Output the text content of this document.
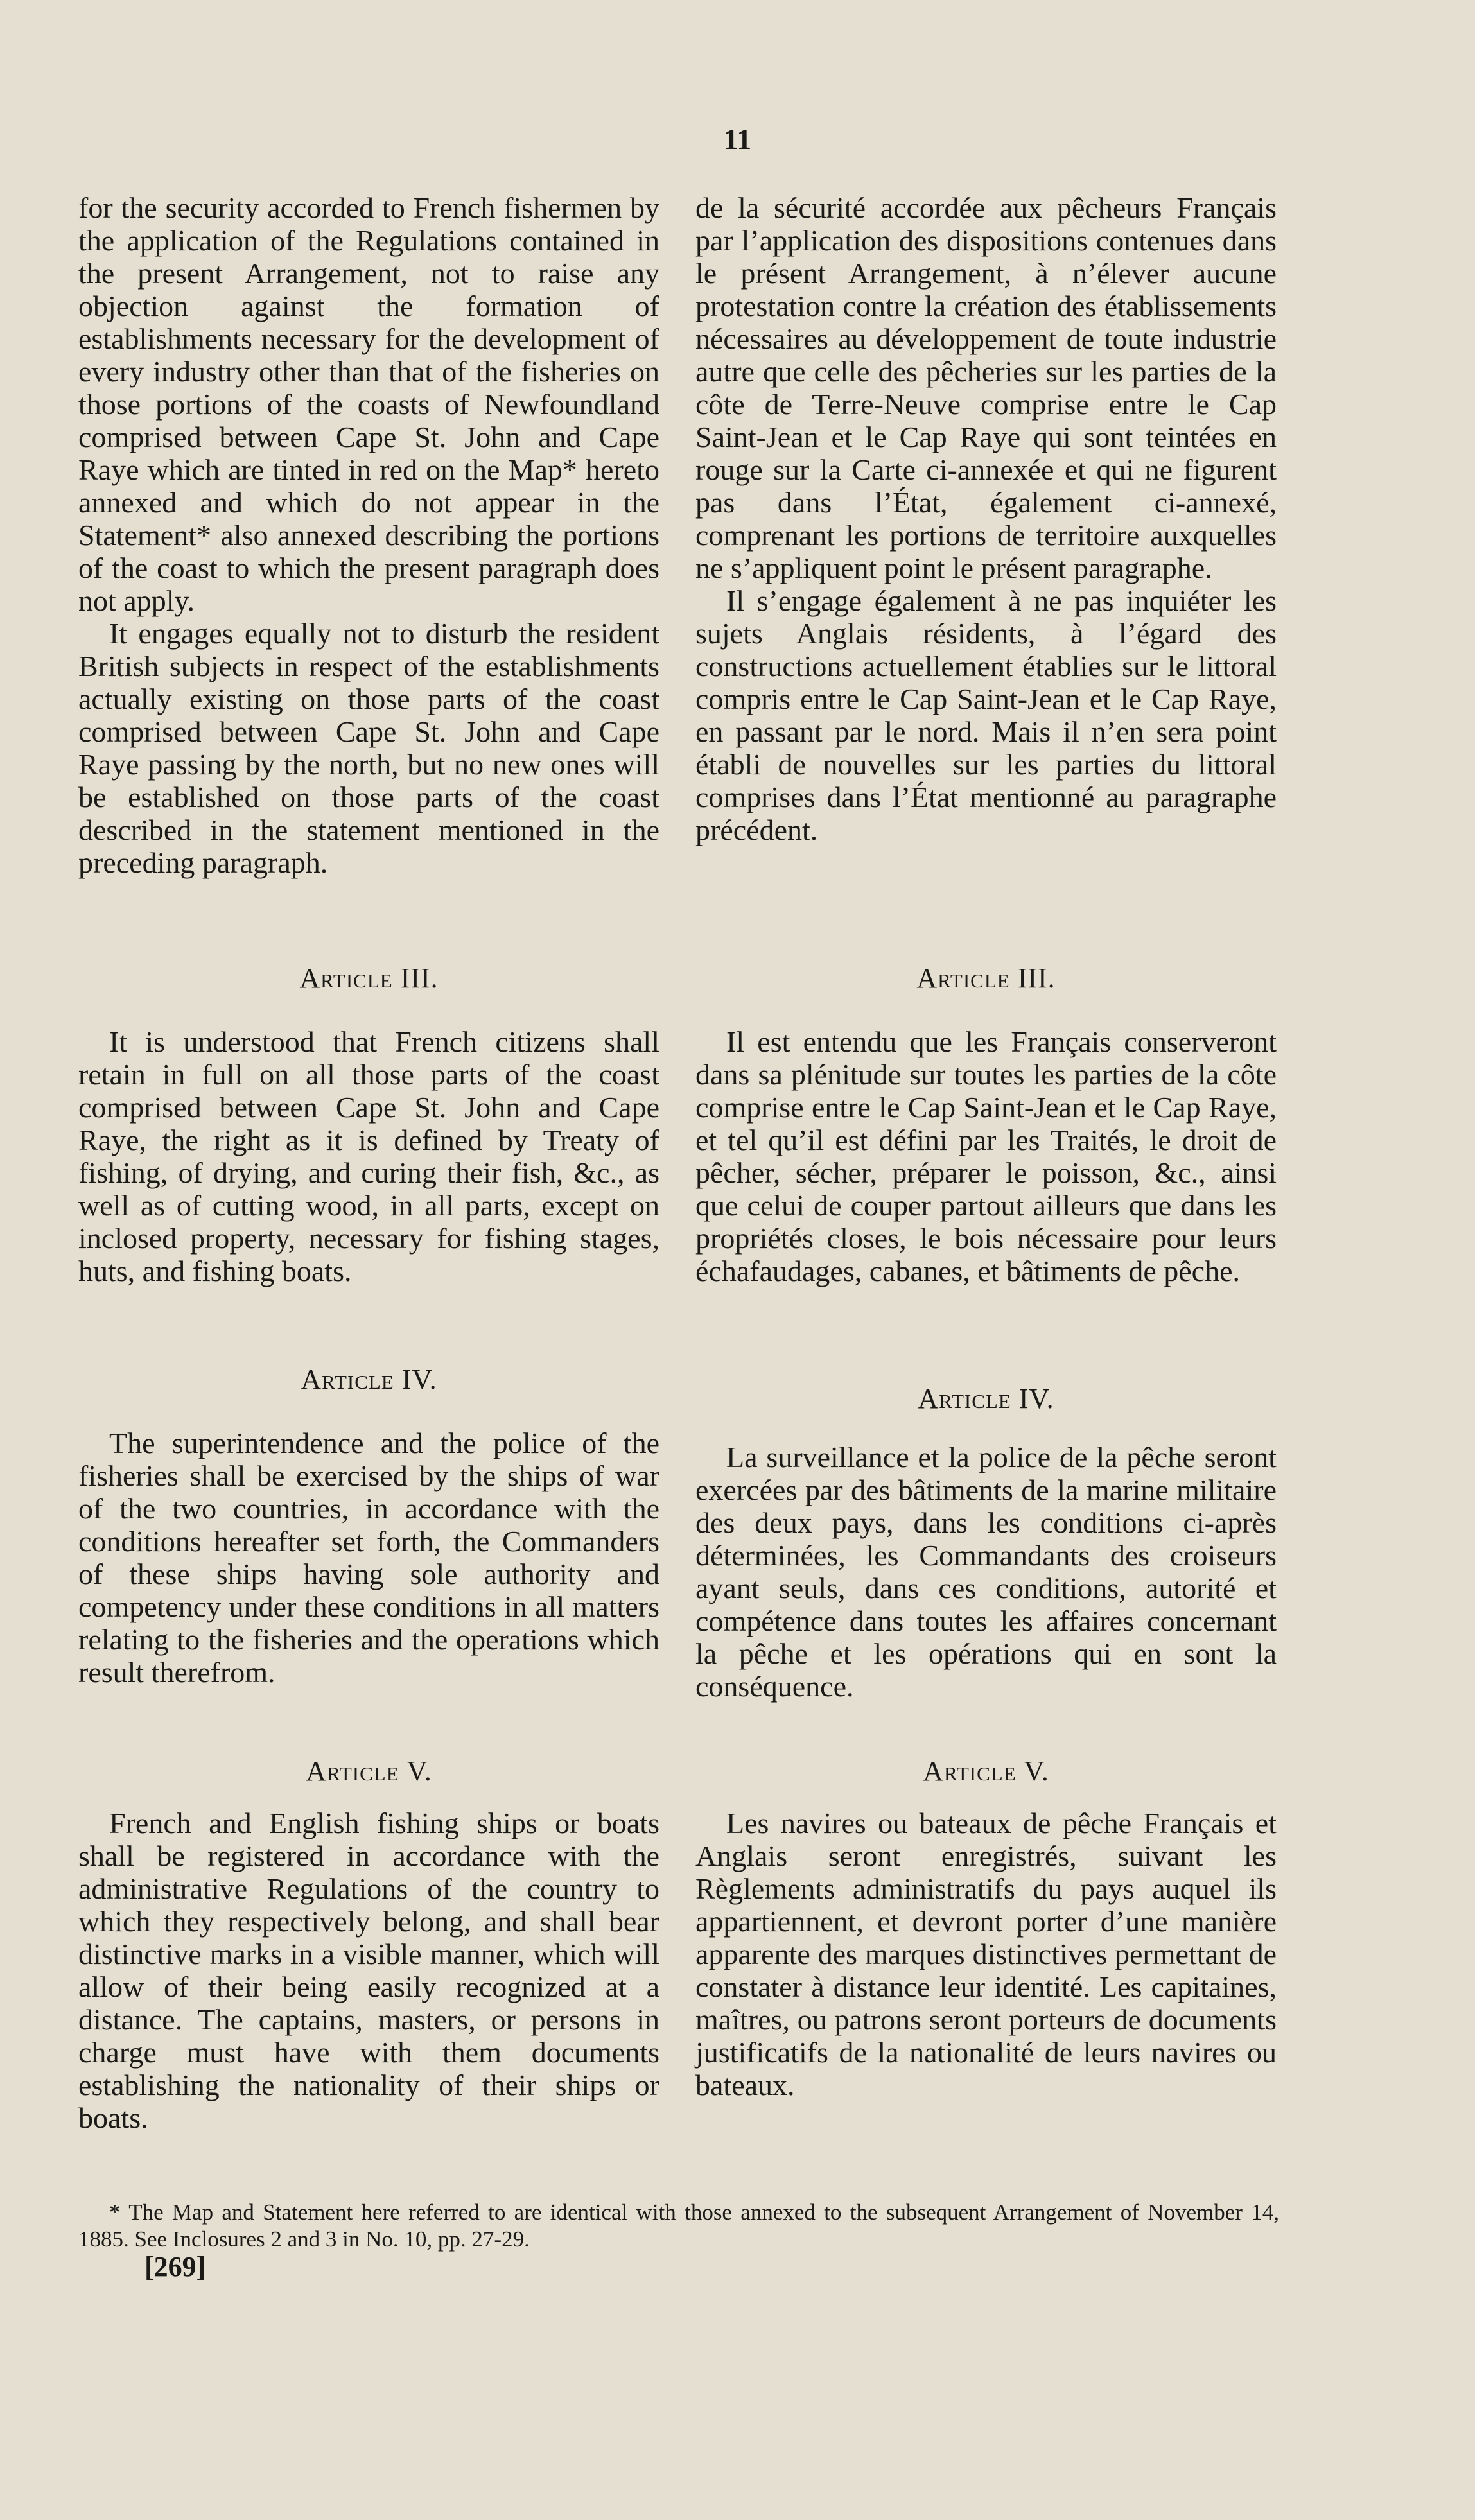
11

for the security accorded to French fishermen by the application of the Regulations contained in the present Arrangement, not to raise any objection against the formation of establishments necessary for the development of every industry other than that of the fisheries on those portions of the coasts of Newfoundland comprised between Cape St. John and Cape Raye which are tinted in red on the Map* hereto annexed and which do not appear in the Statement* also annexed describing the portions of the coast to which the present paragraph does not apply.

It engages equally not to disturb the resident British subjects in respect of the establishments actually existing on those parts of the coast comprised between Cape St. John and Cape Raye passing by the north, but no new ones will be established on those parts of the coast described in the statement mentioned in the preceding paragraph.

Article III.

It is understood that French citizens shall retain in full on all those parts of the coast comprised between Cape St. John and Cape Raye, the right as it is defined by Treaty of fishing, of drying, and curing their fish, &c., as well as of cutting wood, in all parts, except on inclosed property, necessary for fishing stages, huts, and fishing boats.

Article IV.

The superintendence and the police of the fisheries shall be exercised by the ships of war of the two countries, in accordance with the conditions hereafter set forth, the Commanders of these ships having sole authority and competency under these conditions in all matters relating to the fisheries and the operations which result therefrom.

Article V.

French and English fishing ships or boats shall be registered in accordance with the administrative Regulations of the country to which they respectively belong, and shall bear distinctive marks in a visible manner, which will allow of their being easily recognized at a distance. The captains, masters, or persons in charge must have with them documents establishing the nationality of their ships or boats.

de la sécurité accordée aux pêcheurs Français par l’application des dispositions contenues dans le présent Arrangement, à n’élever aucune protestation contre la création des établissements nécessaires au développement de toute industrie autre que celle des pêcheries sur les parties de la côte de Terre-Neuve comprise entre le Cap Saint-Jean et le Cap Raye qui sont teintées en rouge sur la Carte ci-annexée et qui ne figurent pas dans l’État, également ci-annexé, comprenant les portions de territoire auxquelles ne s’appliquent point le présent paragraphe.

Il s’engage également à ne pas inquiéter les sujets Anglais résidents, à l’égard des constructions actuellement établies sur le littoral compris entre le Cap Saint-Jean et le Cap Raye, en passant par le nord. Mais il n’en sera point établi de nouvelles sur les parties du littoral comprises dans l’État mentionné au paragraphe précédent.

Article III.

Il est entendu que les Français conserveront dans sa plénitude sur toutes les parties de la côte comprise entre le Cap Saint-Jean et le Cap Raye, et tel qu’il est défini par les Traités, le droit de pêcher, sécher, préparer le poisson, &c., ainsi que celui de couper partout ailleurs que dans les propriétés closes, le bois nécessaire pour leurs échafaudages, cabanes, et bâtiments de pêche.

Article IV.

La surveillance et la police de la pêche seront exercées par des bâtiments de la marine militaire des deux pays, dans les conditions ci-après déterminées, les Commandants des croiseurs ayant seuls, dans ces conditions, autorité et compétence dans toutes les affaires concernant la pêche et les opérations qui en sont la conséquence.

Article V.

Les navires ou bateaux de pêche Français et Anglais seront enregistrés, suivant les Règlements administratifs du pays auquel ils appartiennent, et devront porter d’une manière apparente des marques distinctives permettant de constater à distance leur identité. Les capitaines, maîtres, ou patrons seront porteurs de documents justificatifs de la nationalité de leurs navires ou bateaux.

* The Map and Statement here referred to are identical with those annexed to the subsequent Arrangement of November 14, 1885. See Inclosures 2 and 3 in No. 10, pp. 27-29.
[269]
